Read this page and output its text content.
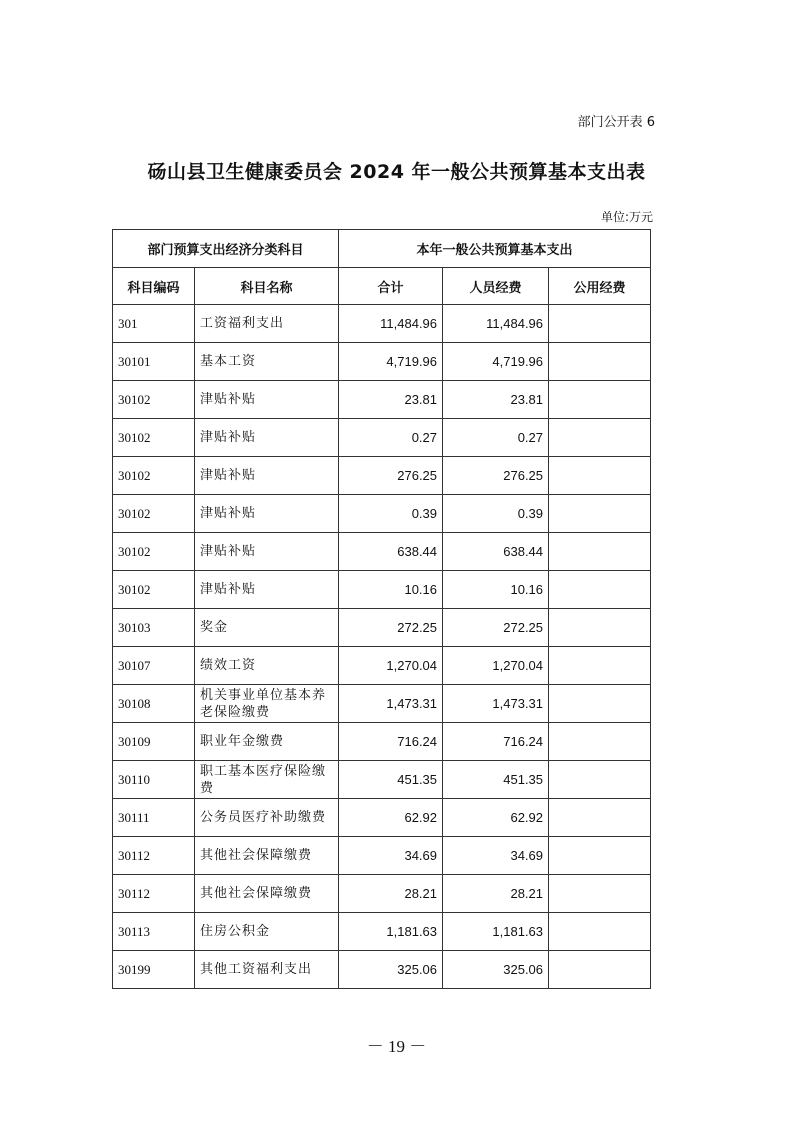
部门公开表 6
砀山县卫生健康委员会 2024 年一般公共预算基本支出表
单位:万元
部门预算支出经济分类科目		本年一般公共预算基本支出		
科目编码	科目名称	合计	人员经费	公用经费
301	工资福利支出	11,484.96	11,484.96	
30101	基本工资	4,719.96	4,719.96	
30102	津贴补贴	23.81	23.81	
30102	津贴补贴	0.27	0.27	
30102	津贴补贴	276.25	276.25	
30102	津贴补贴	0.39	0.39	
30102	津贴补贴	638.44	638.44	
30102	津贴补贴	10.16	10.16	
30103	奖金	272.25	272.25	
30107	绩效工资	1,270.04	1,270.04	
30108	机关事业单位基本养老保险缴费	1,473.31	1,473.31	
30109	职业年金缴费	716.24	716.24	
30110	职工基本医疗保险缴费	451.35	451.35	
30111	公务员医疗补助缴费	62.92	62.92	
30112	其他社会保障缴费	34.69	34.69	
30112	其他社会保障缴费	28.21	28.21	
30113	住房公积金	1,181.63	1,181.63	
30199	其他工资福利支出	325.06	325.06	
－ 19 －
